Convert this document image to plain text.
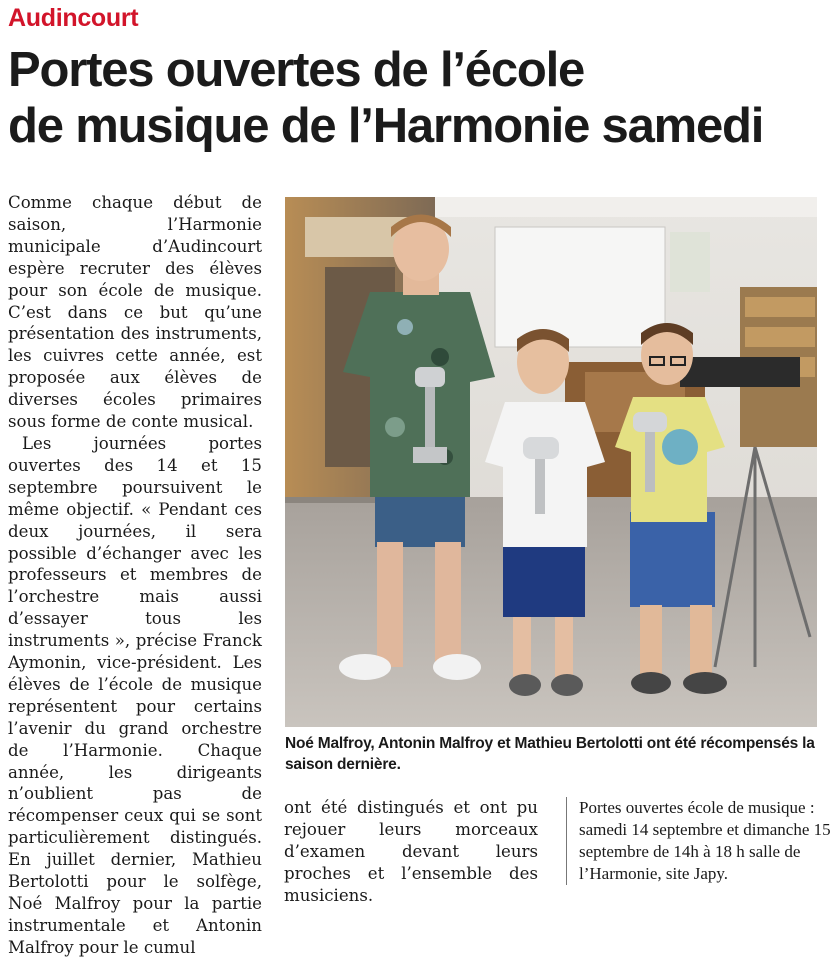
Audincourt
Portes ouvertes de l’école
de musique de l’Harmonie samedi

Comme chaque début de saison, l’Harmonie municipale d’Audincourt espère recruter des élèves pour son école de musique. C’est dans ce but qu’une présentation des instruments, les cuivres cette année, est proposée aux élèves de diverses écoles primaires sous forme de conte musical.

Les journées portes ouvertes des 14 et 15 septembre poursuivent le même objectif. « Pendant ces deux journées, il sera possible d’échanger avec les professeurs et membres de l’orchestre mais aussi d’essayer tous les instruments », précise Franck Aymonin, vice-président. Les élèves de l’école de musique représentent pour certains l’avenir du grand orchestre de l’Harmonie. Chaque année, les dirigeants n’oublient pas de récompenser ceux qui se sont particulièrement distingués. En juillet dernier, Mathieu Bertolotti pour le solfège, Noé Malfroy pour la partie instrumentale et Antonin Malfroy pour le cumul

Noé Malfroy, Antonin Malfroy et Mathieu Bertolotti ont été récompensés la saison dernière.

ont été distingués et ont pu rejouer leurs morceaux d’examen devant leurs proches et l’ensemble des musiciens.

Portes ouvertes école de musique : samedi 14 septembre et dimanche 15 septembre de 14h à 18 h salle de l’Harmonie, site Japy.
